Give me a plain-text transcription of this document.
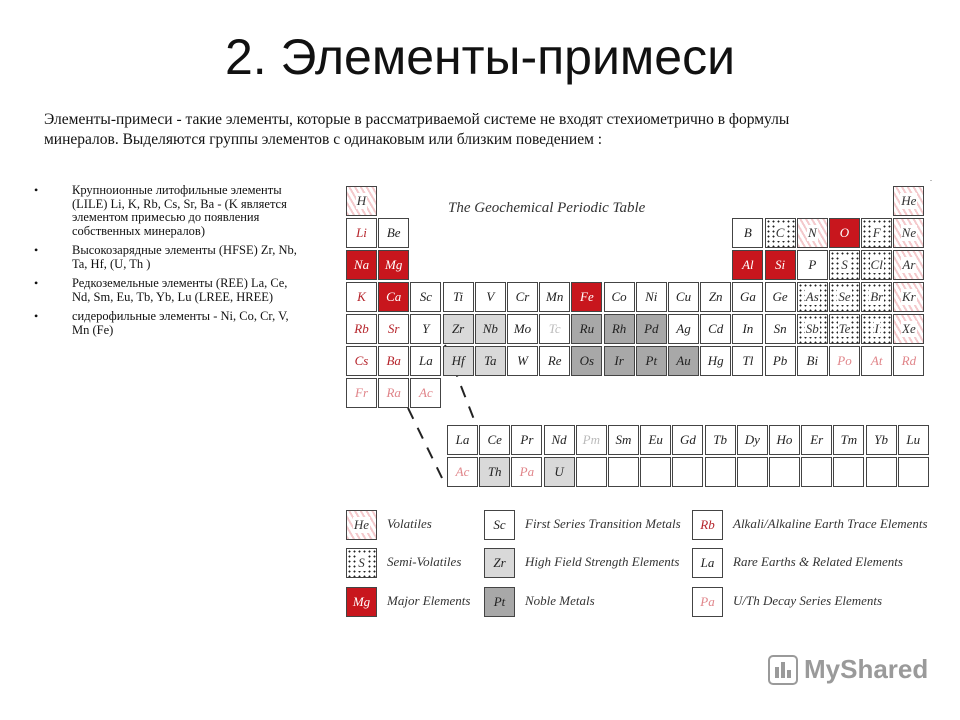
2. Элементы-примеси

Элементы-примеси - такие элементы, которые в рассматриваемой системе не входят стехиометрично в формулы минералов. Выделяются группы элементов с одинаковым или близким поведением :

• Крупноионные литофильные элементы (LILE) Li, K, Rb, Cs, Sr, Ba - (K является элементом примесью до появления собственных минералов)
• Высокозарядные элементы (HFSE) Zr, Nb, Ta, Hf, (U, Th )
• Редкоземельные элементы (REE) La, Ce, Nd, Sm, Eu, Tb, Yb, Lu (LREE, HREE)
• сидерофильные элементы - Ni, Co, Cr, V, Mn (Fe)

The Geochemical Periodic Table

.
H	He
Li Be	B C N O F Ne
Na Mg	Al Si P S Cl Ar
K Ca Sc Ti V Cr Mn Fe Co Ni Cu Zn Ga Ge As Se Br Kr
Rb Sr Y Zr Nb Mo Tc Ru Rh Pd Ag Cd In Sn Sb Te I Xe
Cs Ba La Hf Ta W Re Os Ir Pt Au Hg Tl Pb Bi Po At Rd
Fr Ra Ac
La Ce Pr Nd Pm Sm Eu Gd Tb Dy Ho Er Tm Yb Lu
Ac Th Pa U
He Volatiles
S Semi-Volatiles
Mg Major Elements
Sc First Series Transition Metals
Zr High Field Strength Elements
Pt Noble Metals
Rb Alkali/Alkaline Earth Trace Elements
La Rare Earths & Related Elements
Pa U/Th Decay Series Elements
MyShared
